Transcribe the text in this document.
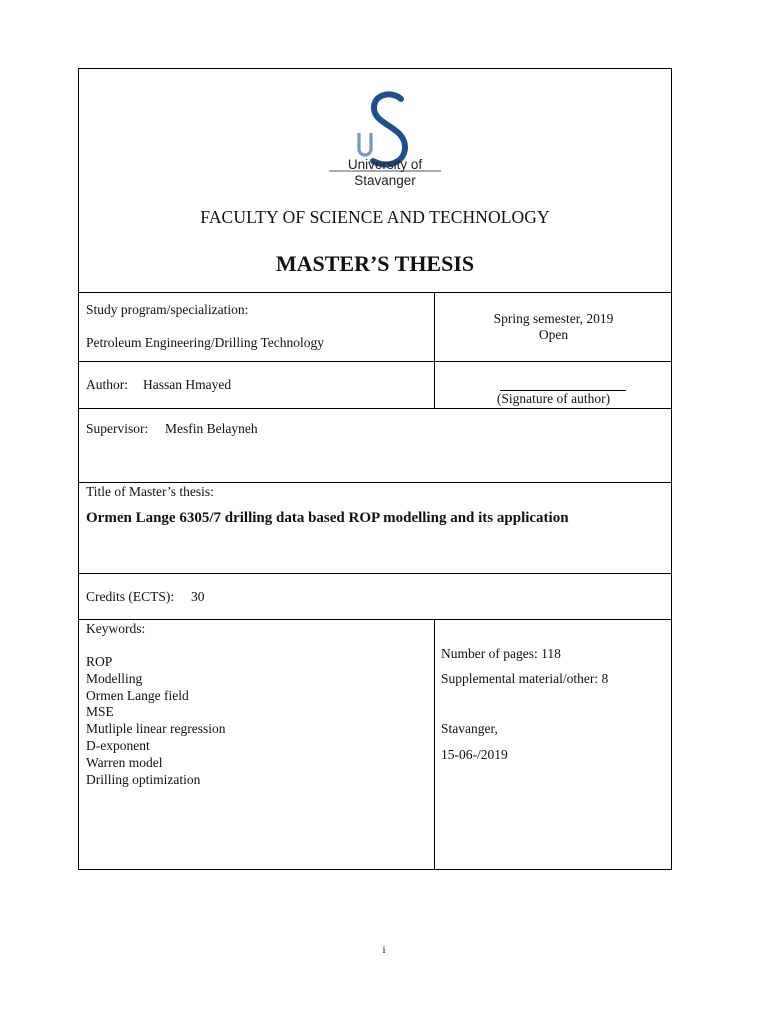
University of
Stavanger
FACULTY OF SCIENCE AND TECHNOLOGY
MASTER’S THESIS
Study program/specialization:
Petroleum Engineering/Drilling Technology
Spring semester, 2019
Open
Author: Hassan Hmayed
(Signature of author)
Supervisor: Mesfin Belayneh
Title of Master’s thesis:
Ormen Lange 6305/7 drilling data based ROP modelling and its application
Credits (ECTS): 30
Keywords:
ROP
Modelling
Ormen Lange field
MSE
Mutliple linear regression
D-exponent
Warren model
Drilling optimization
Number of pages: 118
Supplemental material/other: 8
Stavanger,
15-06-/2019
i
